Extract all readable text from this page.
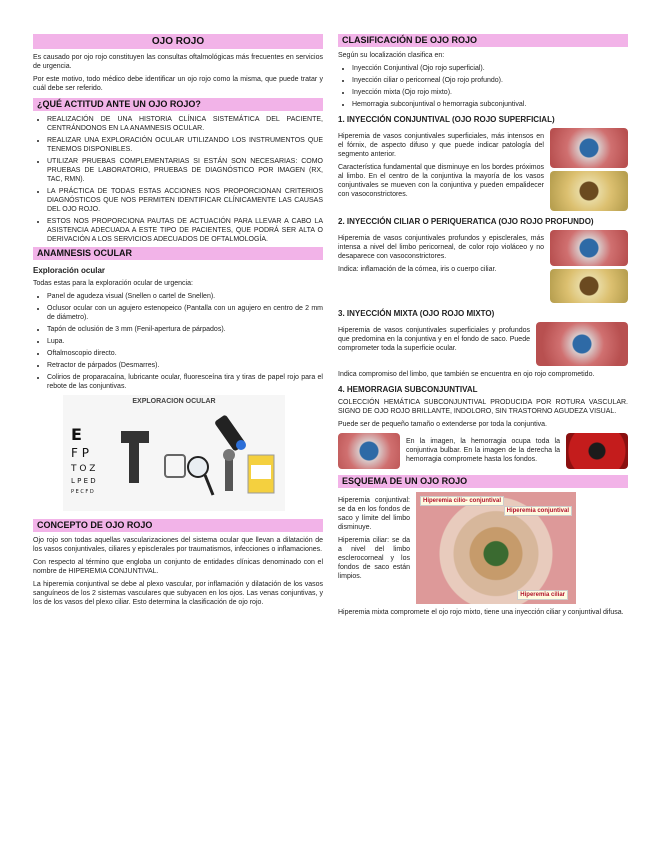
OJO ROJO

Es causado por ojo rojo constituyen las consultas oftalmológicas más frecuentes en servicios de urgencia.

Por este motivo, todo médico debe identificar un ojo rojo como la misma, que puede tratar y cuál debe ser referido.

¿QUÉ ACTITUD ANTE UN OJO ROJO?
• REALIZACIÓN DE UNA HISTORIA CLÍNICA SISTEMÁTICA DEL PACIENTE, CENTRÁNDONOS EN LA ANAMNESIS OCULAR.
• REALIZAR UNA EXPLORACIÓN OCULAR UTILIZANDO LOS INSTRUMENTOS QUE TENEMOS DISPONIBLES.
• UTILIZAR PRUEBAS COMPLEMENTARIAS SI ESTÁN SON NECESARIAS: COMO PRUEBAS DE LABORATORIO, PRUEBAS DE DIAGNÓSTICO POR IMAGEN (RX, TAC, RMN).
• LA PRÁCTICA DE TODAS ESTAS ACCIONES NOS PROPORCIONAN CRITERIOS DIAGNÓSTICOS QUE NOS PERMITEN IDENTIFICAR CLÍNICAMENTE LAS CAUSAS DEL OJO ROJO.
• ESTOS NOS PROPORCIONA PAUTAS DE ACTUACIÓN PARA LLEVAR A CABO LA ASISTENCIA ADECUADA A ESTE TIPO DE PACIENTES, QUE PODRÁ SER ALTA O DERIVACIÓN A LOS SERVICIOS ADECUADOS DE OFTALMOLOGÍA.
ANAMNESIS OCULAR
Exploración ocular

Todas estas para la exploración ocular de urgencia:

• Panel de agudeza visual (Snellen o cartel de Snellen).
• Oclusor ocular con un agujero estenopeico (Pantalla con un agujero en centro de 2 mm de diámetro).
• Tapón de oclusión de 3 mm (Fenil-apertura de párpados).
• Lupa.
• Oftalmoscopio directo.
• Retractor de párpados (Desmarres).
• Colirios de proparacaína, lubricante ocular, fluoresceína tira y tiras de papel rojo para el rebote de las conjuntivas.
EXPLORACION OCULAR
E
F P
T O Z
L P E D
P E C F D
CONCEPTO DE OJO ROJO

Ojo rojo son todas aquellas vascularizaciones del sistema ocular que llevan a dilatación de los vasos conjuntivales, ciliares y episclerales por traumatismos, infecciones o inflamaciones.

Con respecto al término que engloba un conjunto de entidades clínicas denominado con el nombre de HIPEREMIA CONJUNTIVAL.

La hiperemia conjuntival se debe al plexo vascular, por inflamación y dilatación de los vasos sanguíneos de los 2 sistemas vasculares que subyacen en los ojos. Las venas conjuntivas, y los de los vasos del plexo ciliar. Esto determina la clasificación de ojo rojo.

CLASIFICACIÓN DE OJO ROJO

Según su localización clasifica en:

• Inyección Conjuntival (Ojo rojo superficial).
• Inyección ciliar o pericorneal (Ojo rojo profundo).
• Inyección mixta (Ojo rojo mixto).
• Hemorragia subconjuntival o hemorragia subconjuntival.
1. INYECCIÓN CONJUNTIVAL (OJO ROJO SUPERFICIAL)

Hiperemia de vasos conjuntivales superficiales, más intensos en el fórnix, de aspecto difuso y que puede indicar patología del segmento anterior.

Característica fundamental que disminuye en los bordes próximos al limbo. En el centro de la conjuntiva la mayoría de los vasos conjuntivales se mueven con la conjuntiva y pueden empalidecer con vasoconstrictores.

2. INYECCIÓN CILIAR O PERIQUERATICA (OJO ROJO PROFUNDO)

Hiperemia de vasos conjuntivales profundos y episclerales, más intensa a nivel del limbo pericorneal, de color rojo violáceo y no desaparece con vasoconstrictores.

Indica: inflamación de la córnea, iris o cuerpo ciliar.

3. INYECCIÓN MIXTA (OJO ROJO MIXTO)

Hiperemia de vasos conjuntivales superficiales y profundos que predomina en la conjuntiva y en el fondo de saco. Puede comprometer toda la superficie ocular.

Indica compromiso del limbo, que también se encuentra en ojo rojo comprometido.

4. HEMORRAGIA SUBCONJUNTIVAL

COLECCIÓN HEMÁTICA SUBCONJUNTIVAL PRODUCIDA POR ROTURA VASCULAR. SIGNO DE OJO ROJO BRILLANTE, INDOLORO, SIN TRASTORNO AGUDEZA VISUAL.

Puede ser de pequeño tamaño o extenderse por toda la conjuntiva.

En la imagen, la hemorragia ocupa toda la conjuntiva bulbar. En la imagen de la derecha la hemorragia compromete hasta los fondos.

ESQUEMA DE UN OJO ROJO

Hiperemia conjuntival: se da en los fondos de saco y límite del limbo disminuye.

Hiperemia ciliar: se da a nivel del limbo esclerocorneal y los fondos de saco están limpios.

Hiperemia cilio- conjuntival
Hiperemia conjuntival
Hiperemia ciliar

Hiperemia mixta compromete el ojo rojo mixto, tiene una inyección ciliar y conjuntival difusa.
